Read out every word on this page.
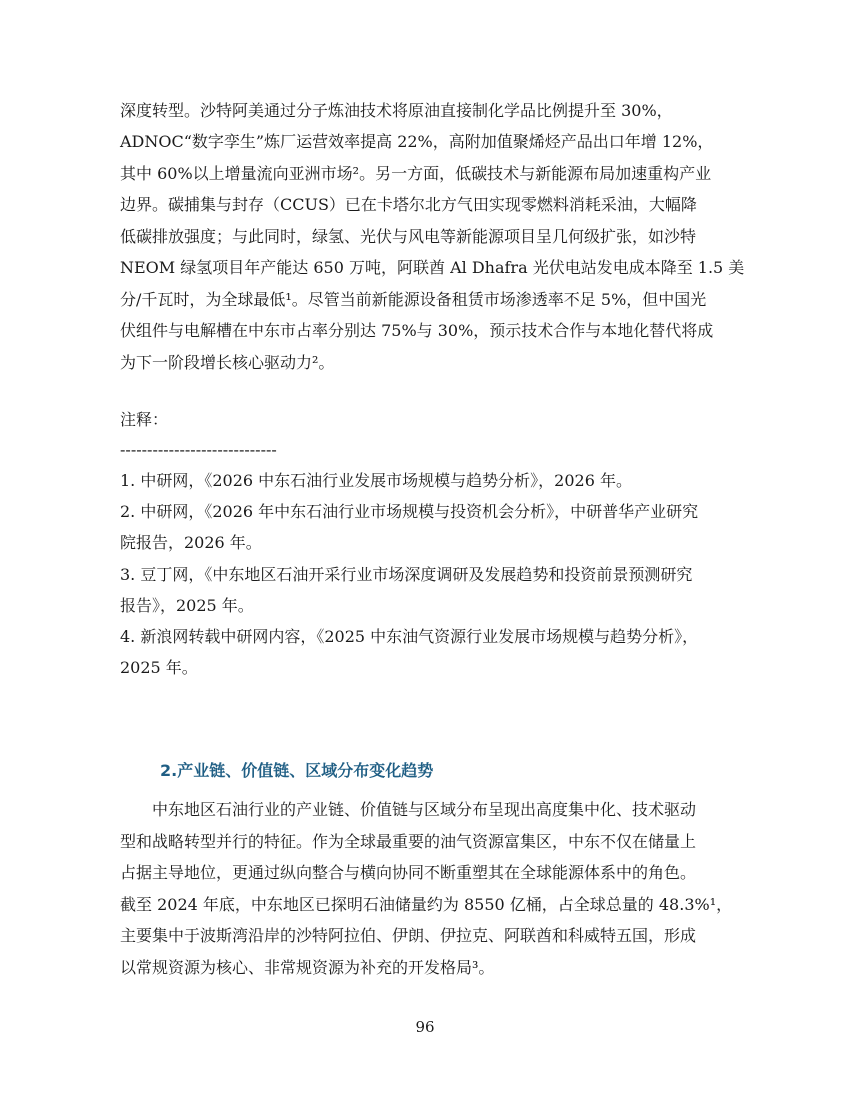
深度转型。沙特阿美通过分子炼油技术将原油直接制化学品比例提升至 30%，
ADNOC“数字孪生”炼厂运营效率提高 22%，高附加值聚烯烃产品出口年增 12%，
其中 60%以上增量流向亚洲市场²。另一方面，低碳技术与新能源布局加速重构产业
边界。碳捕集与封存（CCUS）已在卡塔尔北方气田实现零燃料消耗采油，大幅降
低碳排放强度；与此同时，绿氢、光伏与风电等新能源项目呈几何级扩张，如沙特
NEOM 绿氢项目年产能达 650 万吨，阿联酋 Al Dhafra 光伏电站发电成本降至 1.5 美
分/千瓦时，为全球最低¹。尽管当前新能源设备租赁市场渗透率不足 5%，但中国光
伏组件与电解槽在中东市占率分别达 75%与 30%，预示技术合作与本地化替代将成
为下一阶段增长核心驱动力²。
注释：
-----------------------------
1. 中研网，《2026 中东石油行业发展市场规模与趋势分析》，2026 年。
2. 中研网，《2026 年中东石油行业市场规模与投资机会分析》，中研普华产业研究
院报告，2026 年。
3. 豆丁网，《中东地区石油开采行业市场深度调研及发展趋势和投资前景预测研究
报告》，2025 年。
4. 新浪网转载中研网内容，《2025 中东油气资源行业发展市场规模与趋势分析》，
2025 年。
2.产业链、价值链、区域分布变化趋势
中东地区石油行业的产业链、价值链与区域分布呈现出高度集中化、技术驱动
型和战略转型并行的特征。作为全球最重要的油气资源富集区，中东不仅在储量上
占据主导地位，更通过纵向整合与横向协同不断重塑其在全球能源体系中的角色。
截至 2024 年底，中东地区已探明石油储量约为 8550 亿桶，占全球总量的 48.3%¹，
主要集中于波斯湾沿岸的沙特阿拉伯、伊朗、伊拉克、阿联酋和科威特五国，形成
以常规资源为核心、非常规资源为补充的开发格局³。
96
